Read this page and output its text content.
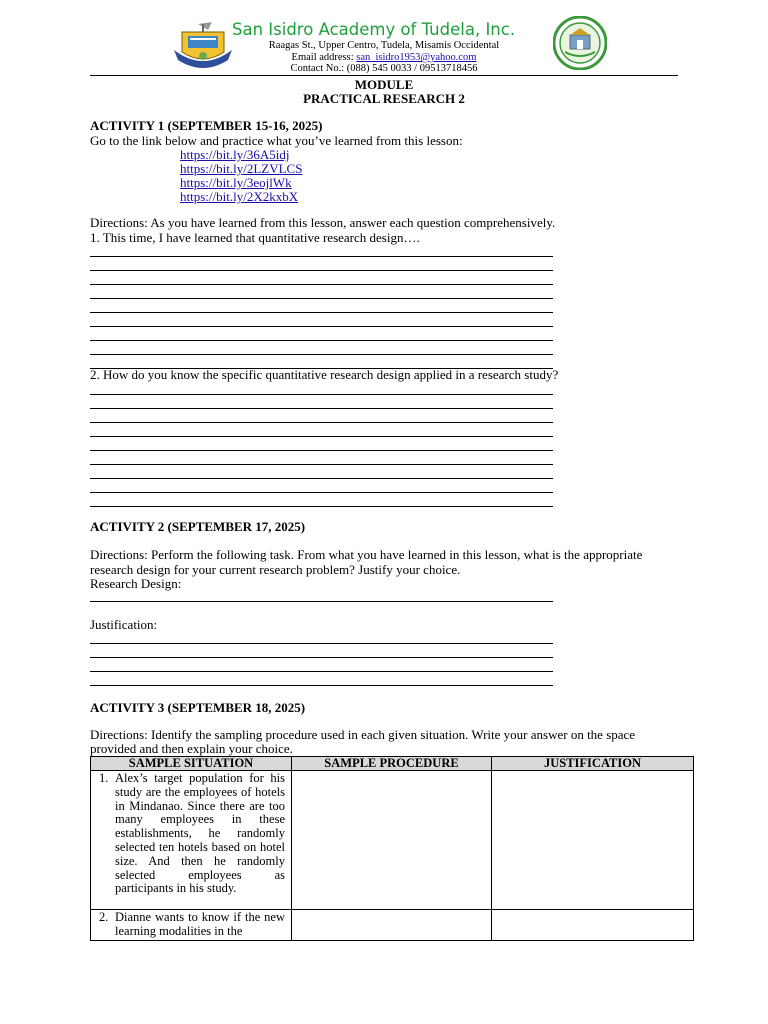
San Isidro Academy of Tudela, Inc.
Raagas St., Upper Centro, Tudela, Misamis Occidental
Email address: san_isidro1953@yahoo.com
Contact No.: (088) 545 0033 / 09513718456
MODULE
PRACTICAL RESEARCH 2
ACTIVITY 1 (SEPTEMBER 15-16, 2025)
Go to the link below and practice what you’ve learned from this lesson:
https://bit.ly/36A5idj
https://bit.ly/2LZVLCS
https://bit.ly/3eojlWk
https://bit.ly/2X2kxbX
Directions: As you have learned from this lesson, answer each question comprehensively.
1. This time, I have learned that quantitative research design….
2. How do you know the specific quantitative research design applied in a research study?
ACTIVITY 2 (SEPTEMBER 17, 2025)
Directions: Perform the following task. From what you have learned in this lesson, what is the appropriate
research design for your current research problem? Justify your choice.
Research Design:
Justification:
ACTIVITY 3 (SEPTEMBER 18, 2025)
Directions: Identify the sampling procedure used in each given situation. Write your answer on the space
provided and then explain your choice.
SAMPLE SITUATION	SAMPLE PROCEDURE	JUSTIFICATION

1. Alex’s target population for his study are the employees of hotels in Mindanao. Since there are too many employees in these establishments, he randomly selected ten hotels based on hotel size. And then he randomly selected employees as participants in his study.		

2. Dianne wants to know if the new learning modalities in the		
